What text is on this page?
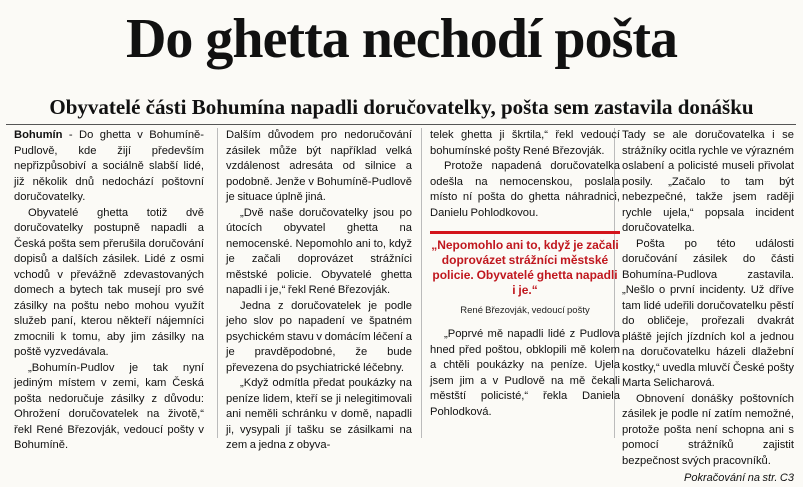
Do ghetta nechodí pošta
Obyvatelé části Bohumína napadli doručovatelky, pošta sem zastavila donášku

Bohumín - Do ghetta v Bohumíně-Pudlově, kde žijí především nepřizpůsobiví a sociálně slabší lidé, již několik dnů nedochází poštovní doručovatelky.

Obyvatelé ghetta totiž dvě doručovatelky postupně napadli a Česká pošta sem přerušila doručování dopisů a dalších zásilek. Lidé z osmi vchodů v převážně zdevastovaných domech a bytech tak musejí pro své zásilky na poštu nebo mohou využít služeb paní, kterou někteří nájemníci zmocnili k tomu, aby jim zásilky na poště vyzvedávala.

„Bohumín-Pudlov je tak nyní jediným místem v zemi, kam Česká pošta nedoručuje zásilky z důvodu: Ohrožení doručovatelek na životě,“ řekl René Březovják, vedoucí pošty v Bohumíně.

Dalším důvodem pro nedoručování zásilek může být například velká vzdálenost adresáta od silnice a podobně. Jenže v Bohumíně-Pudlově je situace úplně jiná.

„Dvě naše doručovatelky jsou po útocích obyvatel ghetta na nemocenské. Nepomohlo ani to, když je začali doprovázet strážníci městské policie. Obyvatelé ghetta napadli i je,“ řekl René Březovják.

Jedna z doručovatelek je podle jeho slov po napadení ve špatném psychickém stavu v domácím léčení a je pravděpodobné, že bude převezena do psychiatrické léčebny.

„Když odmítla předat poukázky na peníze lidem, kteří se ji nelegitimovali ani neměli schránku v domě, napadli ji, vysypali jí tašku se zásilkami na zem a jedna z obyva-

telek ghetta ji škrtila,“ řekl vedoucí bohumínské pošty René Březovják.

Protože napadená doručovatelka odešla na nemocenskou, poslala místo ní pošta do ghetta náhradnici, Danielu Pohlodkovou.

„Nepomohlo ani to, když je začali doprovázet strážníci městské policie. Obyvatelé ghetta napadli i je.“
René Březovják, vedoucí pošty

„Poprvé mě napadli lidé z Pudlova hned před poštou, obklopili mě kolem a chtěli poukázky na peníze. Ujela jsem jim a v Pudlově na mě čekali městští policisté,“ řekla Daniela Pohlodková.

Tady se ale doručovatelka i se strážníky ocitla rychle ve výrazném oslabení a policisté museli přivolat posily. „Začalo to tam být nebezpečné, takže jsem raději rychle ujela,“ popsala incident doručovatelka.

Pošta po této události doručování zásilek do části Bohumína-Pudlova zastavila. „Nešlo o první incidenty. Už dříve tam lidé udeřili doručovatelku pěstí do obličeje, prořezali dvakrát pláště jejích jízdních kol a jednou na doručovatelku házeli dlažební kostky,“ uvedla mluvčí České pošty Marta Selicharová.

Obnovení donášky poštovních zásilek je podle ní zatím nemožné, protože pošta není schopna ani s pomocí strážníků zajistit bezpečnost svých pracovníků.

Pokračování na str. C3
